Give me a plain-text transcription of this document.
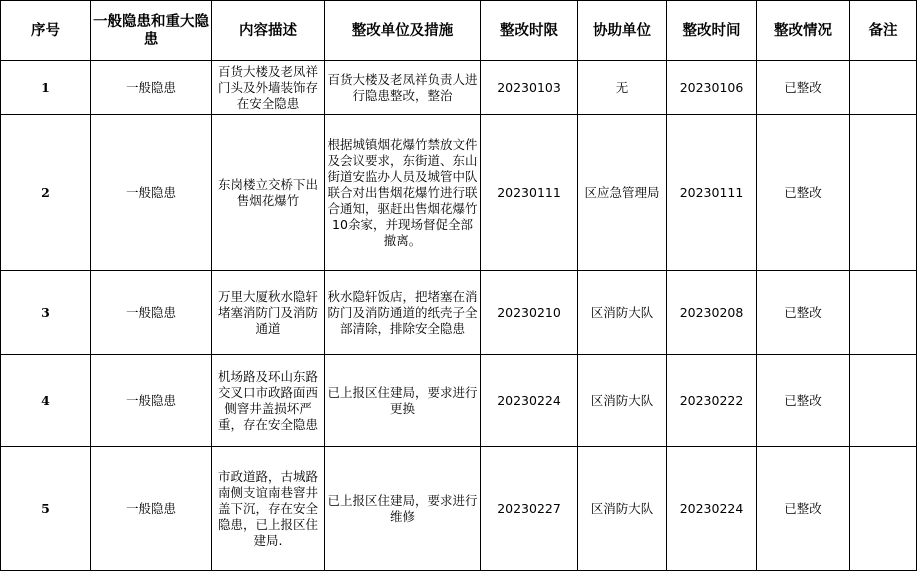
序号	一般隐患和重大隐患	内容描述	整改单位及措施	整改时限	协助单位	整改时间	整改情况	备注
1	一般隐患	百货大楼及老凤祥门头及外墙装饰存在安全隐患	百货大楼及老凤祥负责人进行隐患整改，整治	20230103	无	20230106	已整改	
2	一般隐患	东岗楼立交桥下出售烟花爆竹	根据城镇烟花爆竹禁放文件及会议要求，东街道、东山街道安监办人员及城管中队联合对出售烟花爆竹进行联合通知，驱赶出售烟花爆竹10余家，并现场督促全部撤离。	20230111	区应急管理局	20230111	已整改	
3	一般隐患	万里大厦秋水隐轩堵塞消防门及消防通道	秋水隐轩饭店，把堵塞在消防门及消防通道的纸壳子全部清除，排除安全隐患	20230210	区消防大队	20230208	已整改	
4	一般隐患	机场路及环山东路交叉口市政路面西侧窨井盖损坏严重，存在安全隐患	已上报区住建局，要求进行更换	20230224	区消防大队	20230222	已整改	
5	一般隐患	市政道路，古城路南侧支谊南巷窨井盖下沉，存在安全隐患，已上报区住建局.	已上报区住建局，要求进行维修	20230227	区消防大队	20230224	已整改	
